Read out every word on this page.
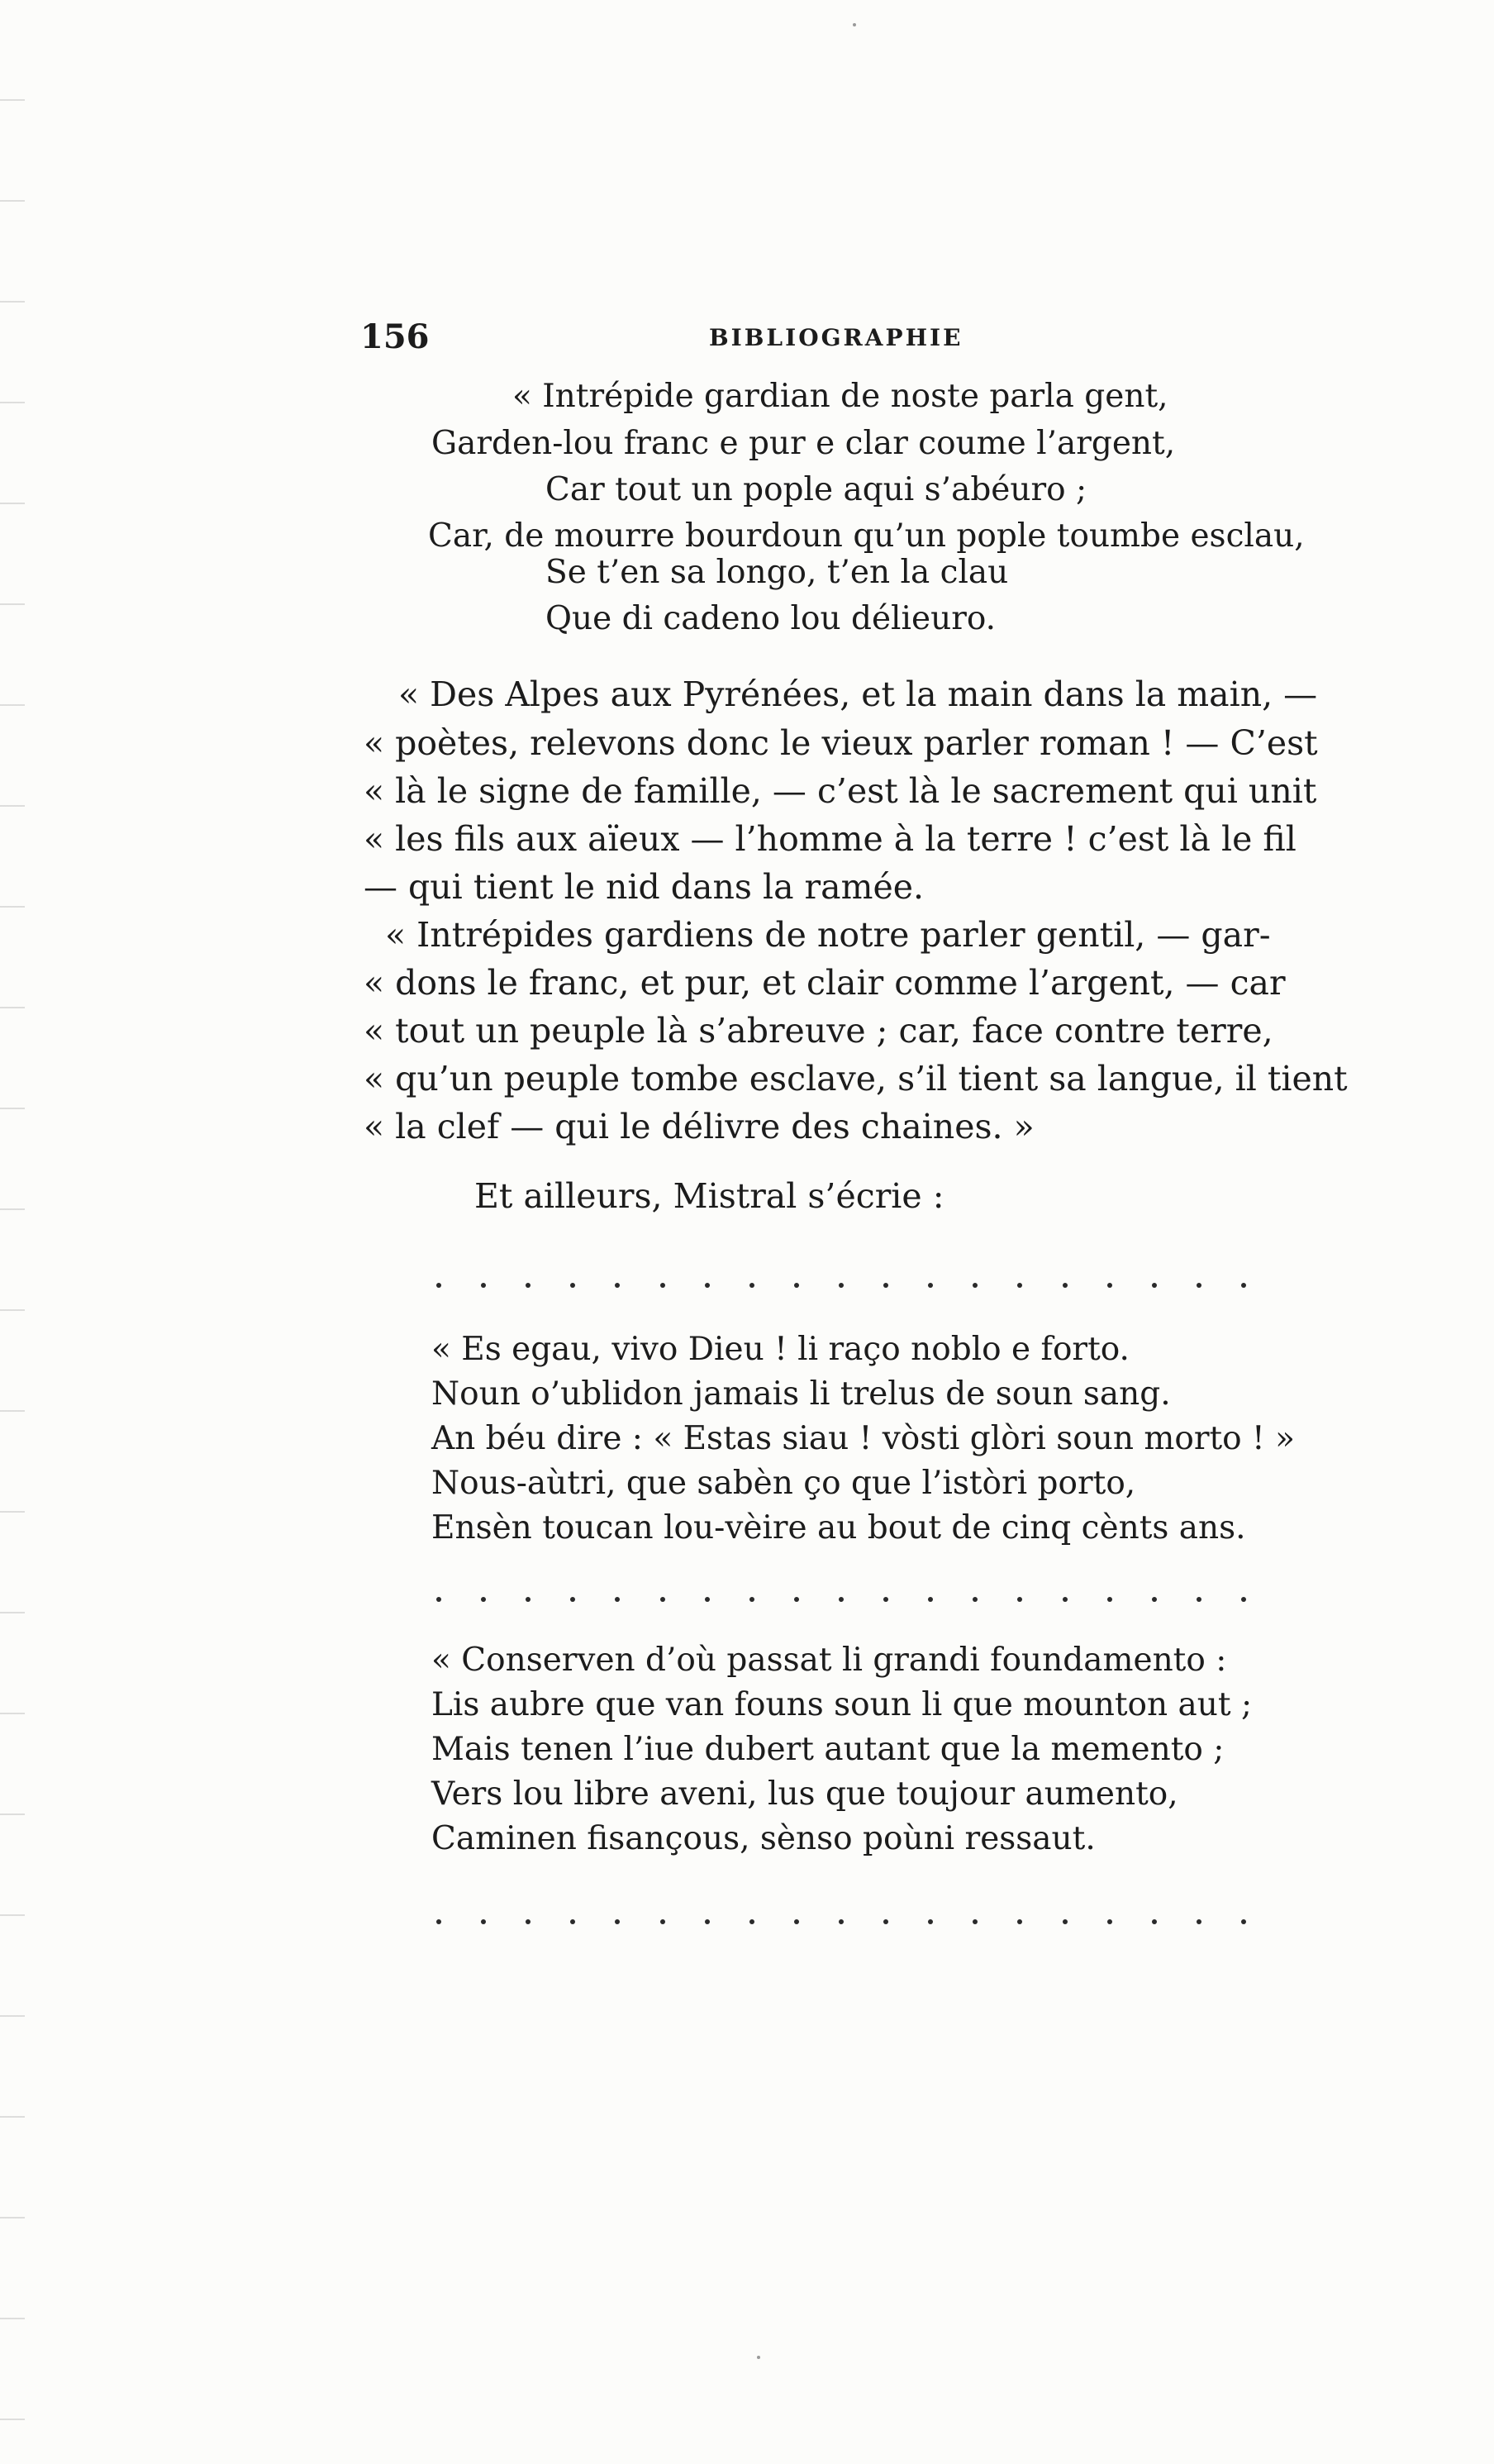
156	BIBLIOGRAPHIE
« Intrépide gardian de noste parla gent,
Garden-lou franc e pur e clar coume l’argent,
Car tout un pople aqui s’abéuro ;
Car, de mourre bourdoun qu’un pople toumbe esclau,
Se t’en sa longo, t’en la clau
Que di cadeno lou délieuro.
« Des Alpes aux Pyrénées, et la main dans la main, —
« poètes, relevons donc le vieux parler roman ! — C’est
« là le signe de famille, — c’est là le sacrement qui unit
« les fils aux aïeux — l’homme à la terre ! c’est là le fil
— qui tient le nid dans la ramée.
« Intrépides gardiens de notre parler gentil, — gar-
« dons le franc, et pur, et clair comme l’argent, — car
« tout un peuple là s’abreuve ; car, face contre terre,
« qu’un peuple tombe esclave, s’il tient sa langue, il tient
« la clef — qui le délivre des chaines. »
Et ailleurs, Mistral s’écrie :
« Es egau, vivo Dieu ! li raço noblo e forto.
Noun o’ublidon jamais li trelus de soun sang.
An béu dire : « Estas siau ! vòsti glòri soun morto ! »
Nous-aùtri, que sabèn ço que l’istòri porto,
Ensèn toucan lou-vèire au bout de cinq cènts ans.
« Conserven d’où passat li grandi foundamento :
Lis aubre que van founs soun li que mounton aut ;
Mais tenen l’iue dubert autant que la memento ;
Vers lou libre aveni, lus que toujour aumento,
Caminen fisançous, sènso poùni ressaut.
